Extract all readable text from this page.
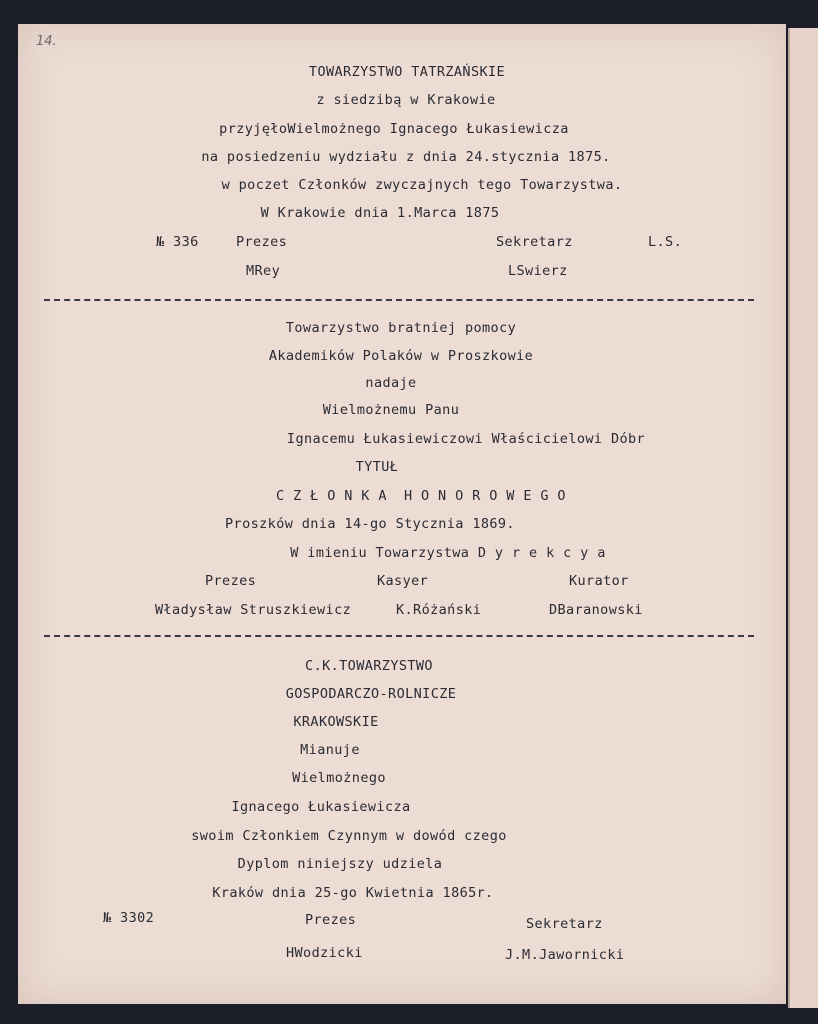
14.
TOWARZYSTWO TATRZAŃSKIE
z siedzibą w Krakowie
przyjęłoWielmożnego Ignacego Łukasiewicza
na posiedzeniu wydziału z dnia 24.stycznia 1875.
w poczet Członków zwyczajnych tego Towarzystwa.
W Krakowie dnia 1.Marca 1875
№ 336	Prezes	Sekretarz	L.S.
MRey	LSwierz
Towarzystwo bratniej pomocy
Akademików Polaków w Proszkowie
nadaje
Wielmożnemu Panu
Ignacemu Łukasiewiczowi Właścicielowi Dóbr
TYTUŁ
C Z Ł O N K A  H O N O R O W E G O
Proszków dnia 14-go Stycznia 1869.
W imieniu Towarzystwa D y r e k c y a
Prezes	Kasyer	Kurator
Władysław Struszkiewicz	K.Różański	DBaranowski
C.K.TOWARZYSTWO
GOSPODARCZO-ROLNICZE
KRAKOWSKIE
Mianuje
Wielmożnego
Ignacego Łukasiewicza
swoim Członkiem Czynnym w dowód czego
Dyplom niniejszy udziela
Kraków dnia 25-go Kwietnia 1865r.
№ 3302	Prezes	Sekretarz
HWodzicki	J.M.Jawornicki
